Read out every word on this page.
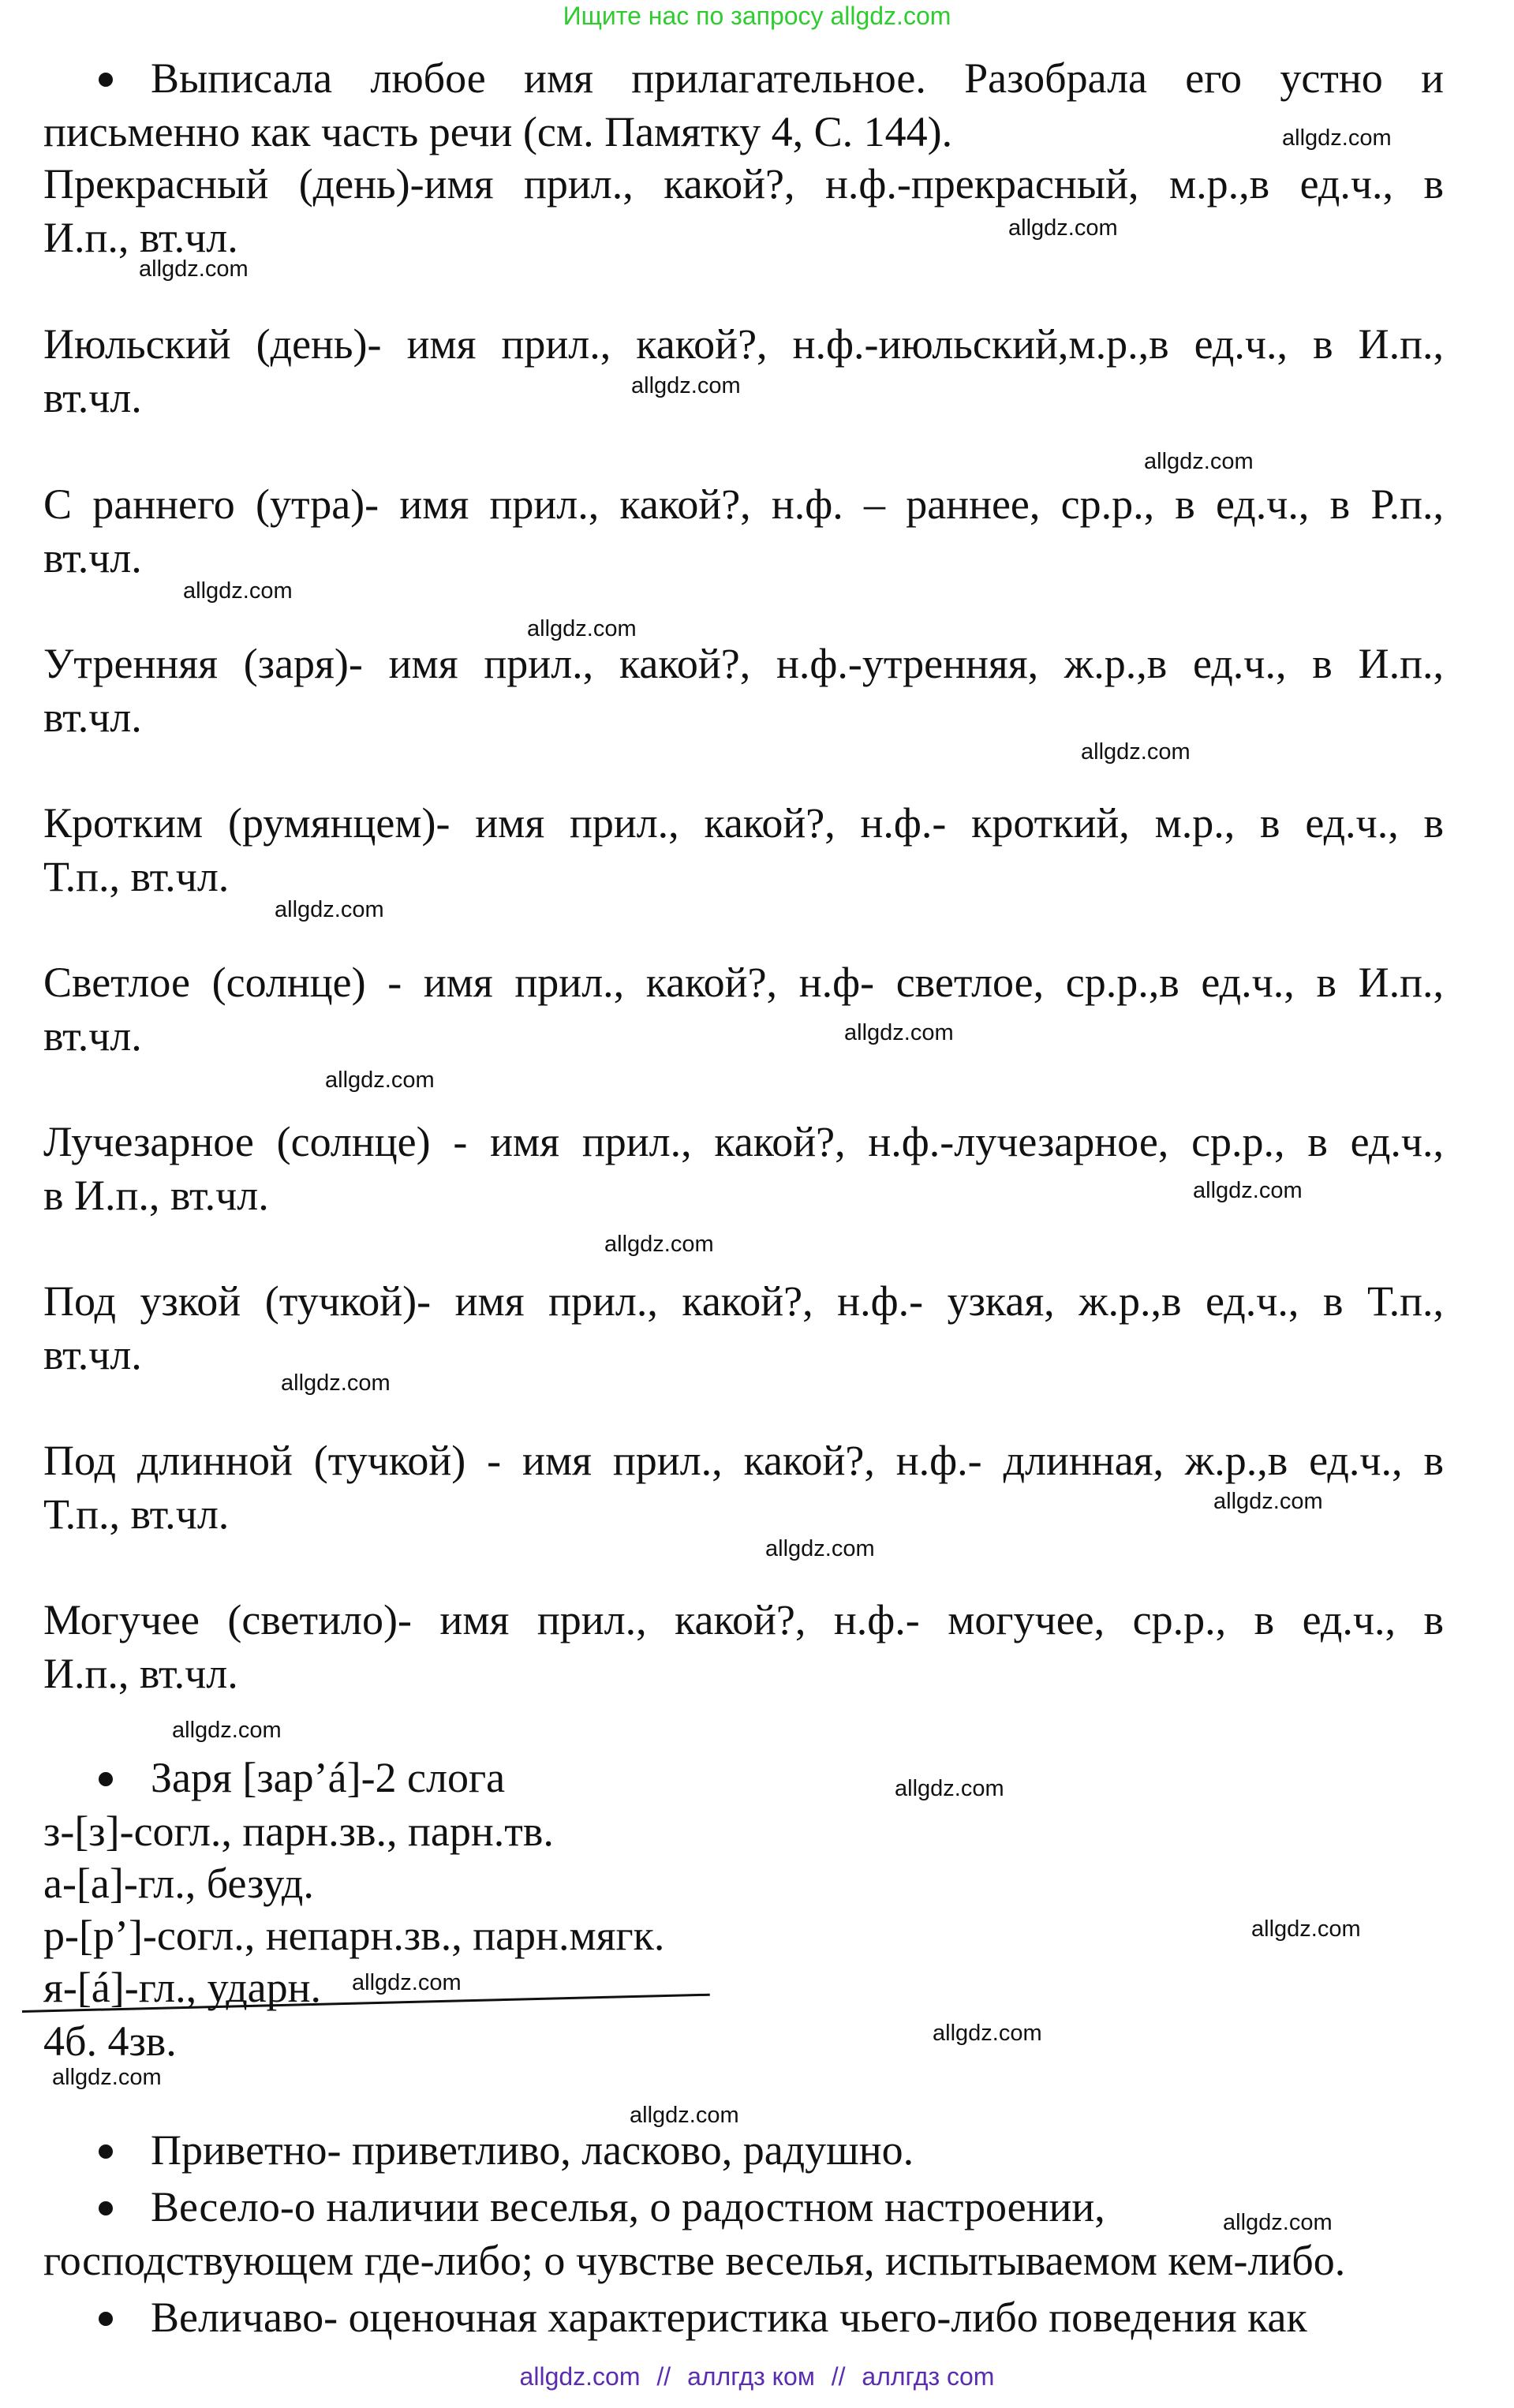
Ищите нас по запросу allgdz.com
Выписала любое имя прилагательное. Разобрала его устно и
письменно как часть речи (см. Памятку 4, С. 144).
Прекрасный (день)-имя прил., какой?, н.ф.-прекрасный, м.р.,в ед.ч., в
И.п., вт.чл.
Июльский (день)- имя прил., какой?, н.ф.-июльский,м.р.,в ед.ч., в И.п.,
вт.чл.
С раннего (утра)- имя прил., какой?, н.ф. – раннее, ср.р., в ед.ч., в Р.п.,
вт.чл.
Утренняя (заря)- имя прил., какой?, н.ф.-утренняя, ж.р.,в ед.ч., в И.п.,
вт.чл.
Кротким (румянцем)- имя прил., какой?, н.ф.- кроткий, м.р., в ед.ч., в
Т.п., вт.чл.
Светлое (солнце) - имя прил., какой?, н.ф- светлое, ср.р.,в ед.ч., в И.п.,
вт.чл.
Лучезарное (солнце) - имя прил., какой?, н.ф.-лучезарное, ср.р., в ед.ч.,
в И.п., вт.чл.
Под узкой (тучкой)- имя прил., какой?, н.ф.- узкая, ж.р.,в ед.ч., в Т.п.,
вт.чл.
Под длинной (тучкой) - имя прил., какой?, н.ф.- длинная, ж.р.,в ед.ч., в
Т.п., вт.чл.
Могучее (светило)- имя прил., какой?, н.ф.- могучее, ср.р., в ед.ч., в
И.п., вт.чл.
Заря [зар’á]-2 слога
з-[з]-согл., парн.зв., парн.тв.
а-[а]-гл., безуд.
р-[р’]-согл., непарн.зв., парн.мягк.
я-[á]-гл., ударн.
4б. 4зв.
Приветно- приветливо, ласково, радушно.
Весело-о наличии веселья, о радостном настроении,
господствующем где-либо; о чувстве веселья, испытываемом кем-либо.
Величаво- оценочная характеристика чьего-либо поведения как
allgdz.com
allgdz.com
allgdz.com
allgdz.com
allgdz.com
allgdz.com
allgdz.com
allgdz.com
allgdz.com
allgdz.com
allgdz.com
allgdz.com
allgdz.com
allgdz.com
allgdz.com
allgdz.com
allgdz.com
allgdz.com
allgdz.com
allgdz.com
allgdz.com
allgdz.com
allgdz.com
allgdz.com
allgdz.com // аллгдз ком // аллгдз com
